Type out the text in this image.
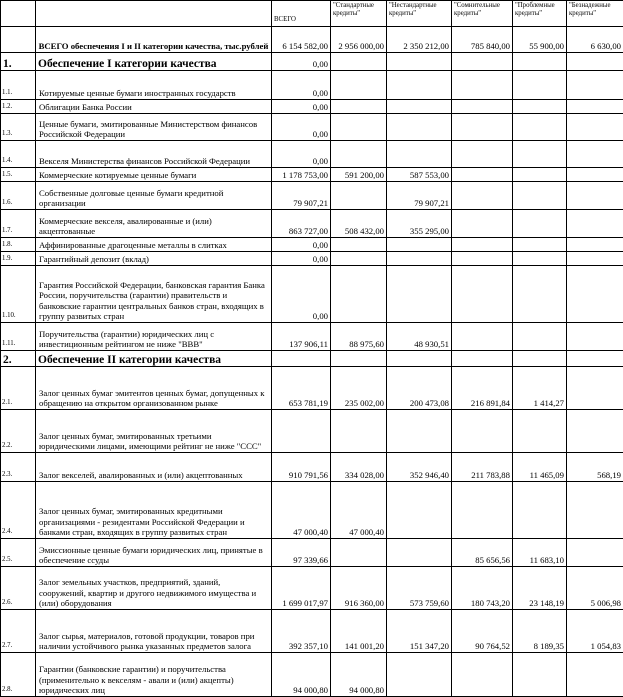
		ВСЕГО	"Стандартные кредиты"	"Нестандартные кредиты"	"Сомнительные кредиты"	"Проблемные кредиты"	"Безнадежные кредиты"
	ВСЕГО обеспечения I и II категории качества, тыс.рублей	6 154 582,00	2 956 000,00	2 350 212,00	785 840,00	55 900,00	6 630,00
1.	Обеспечение I категории качества	0,00					
1.1.	Котируемые ценные бумаги иностранных государств	0,00					
1.2.	Облигации Банка России	0,00					
1.3.	Ценные бумаги, эмитированные Министерством финансов Российской Федерации	0,00					
1.4.	Векселя Министерства финансов Российской Федерации	0,00					
1.5.	Коммерческие котируемые ценные бумаги	1 178 753,00	591 200,00	587 553,00			
1.6.	Собственные долговые ценные бумаги кредитной организации	79 907,21		79 907,21			
1.7.	Коммерческие векселя, авалированные и (или) акцептованные	863 727,00	508 432,00	355 295,00			
1.8.	Аффинированные драгоценные металлы в слитках	0,00					
1.9.	Гарантийный депозит (вклад)	0,00					
1.10.	Гарантия Российской Федерации, банковская гарантия Банка России, поручительства (гарантии) правительств и банковские гарантии центральных банков стран, входящих в группу развитых стран	0,00					
1.11.	Поручительства (гарантии) юридических лиц с инвестиционным рейтингом не ниже "ВВВ"	137 906,11	88 975,60	48 930,51			
2.	Обеспечение II категории качества						
2.1.	Залог ценных бумаг эмитентов ценных бумаг, допущенных к обращению на открытом организованном рынке	653 781,19	235 002,00	200 473,08	216 891,84	1 414,27	
2.2.	Залог ценных бумаг, эмитированных третьими юридическими лицами, имеющими рейтинг не ниже "ССС"						
2.3.	Залог векселей, авалированных и (или) акцептованных	910 791,56	334 028,00	352 946,40	211 783,88	11 465,09	568,19
2.4.	Залог ценных бумаг, эмитированных кредитными организациями - резидентами Российской Федерации и банками стран, входящих в группу развитых стран	47 000,40	47 000,40				
2.5.	Эмиссионные ценные бумаги юридических лиц, принятые в обеспечение ссуды	97 339,66			85 656,56	11 683,10	
2.6.	Залог земельных участков, предприятий, зданий, сооружений, квартир и другого недвижимого имущества и (или) оборудования	1 699 017,97	916 360,00	573 759,60	180 743,20	23 148,19	5 006,98
2.7.	Залог сырья, материалов, готовой продукции, товаров при наличии устойчивого рынка указанных предметов залога	392 357,10	141 001,20	151 347,20	90 764,52	8 189,35	1 054,83
2.8.	Гарантии (банковские гарантии) и поручительства (применительно к векселям - авали и (или) акцепты) юридических лиц	94 000,80	94 000,80				
